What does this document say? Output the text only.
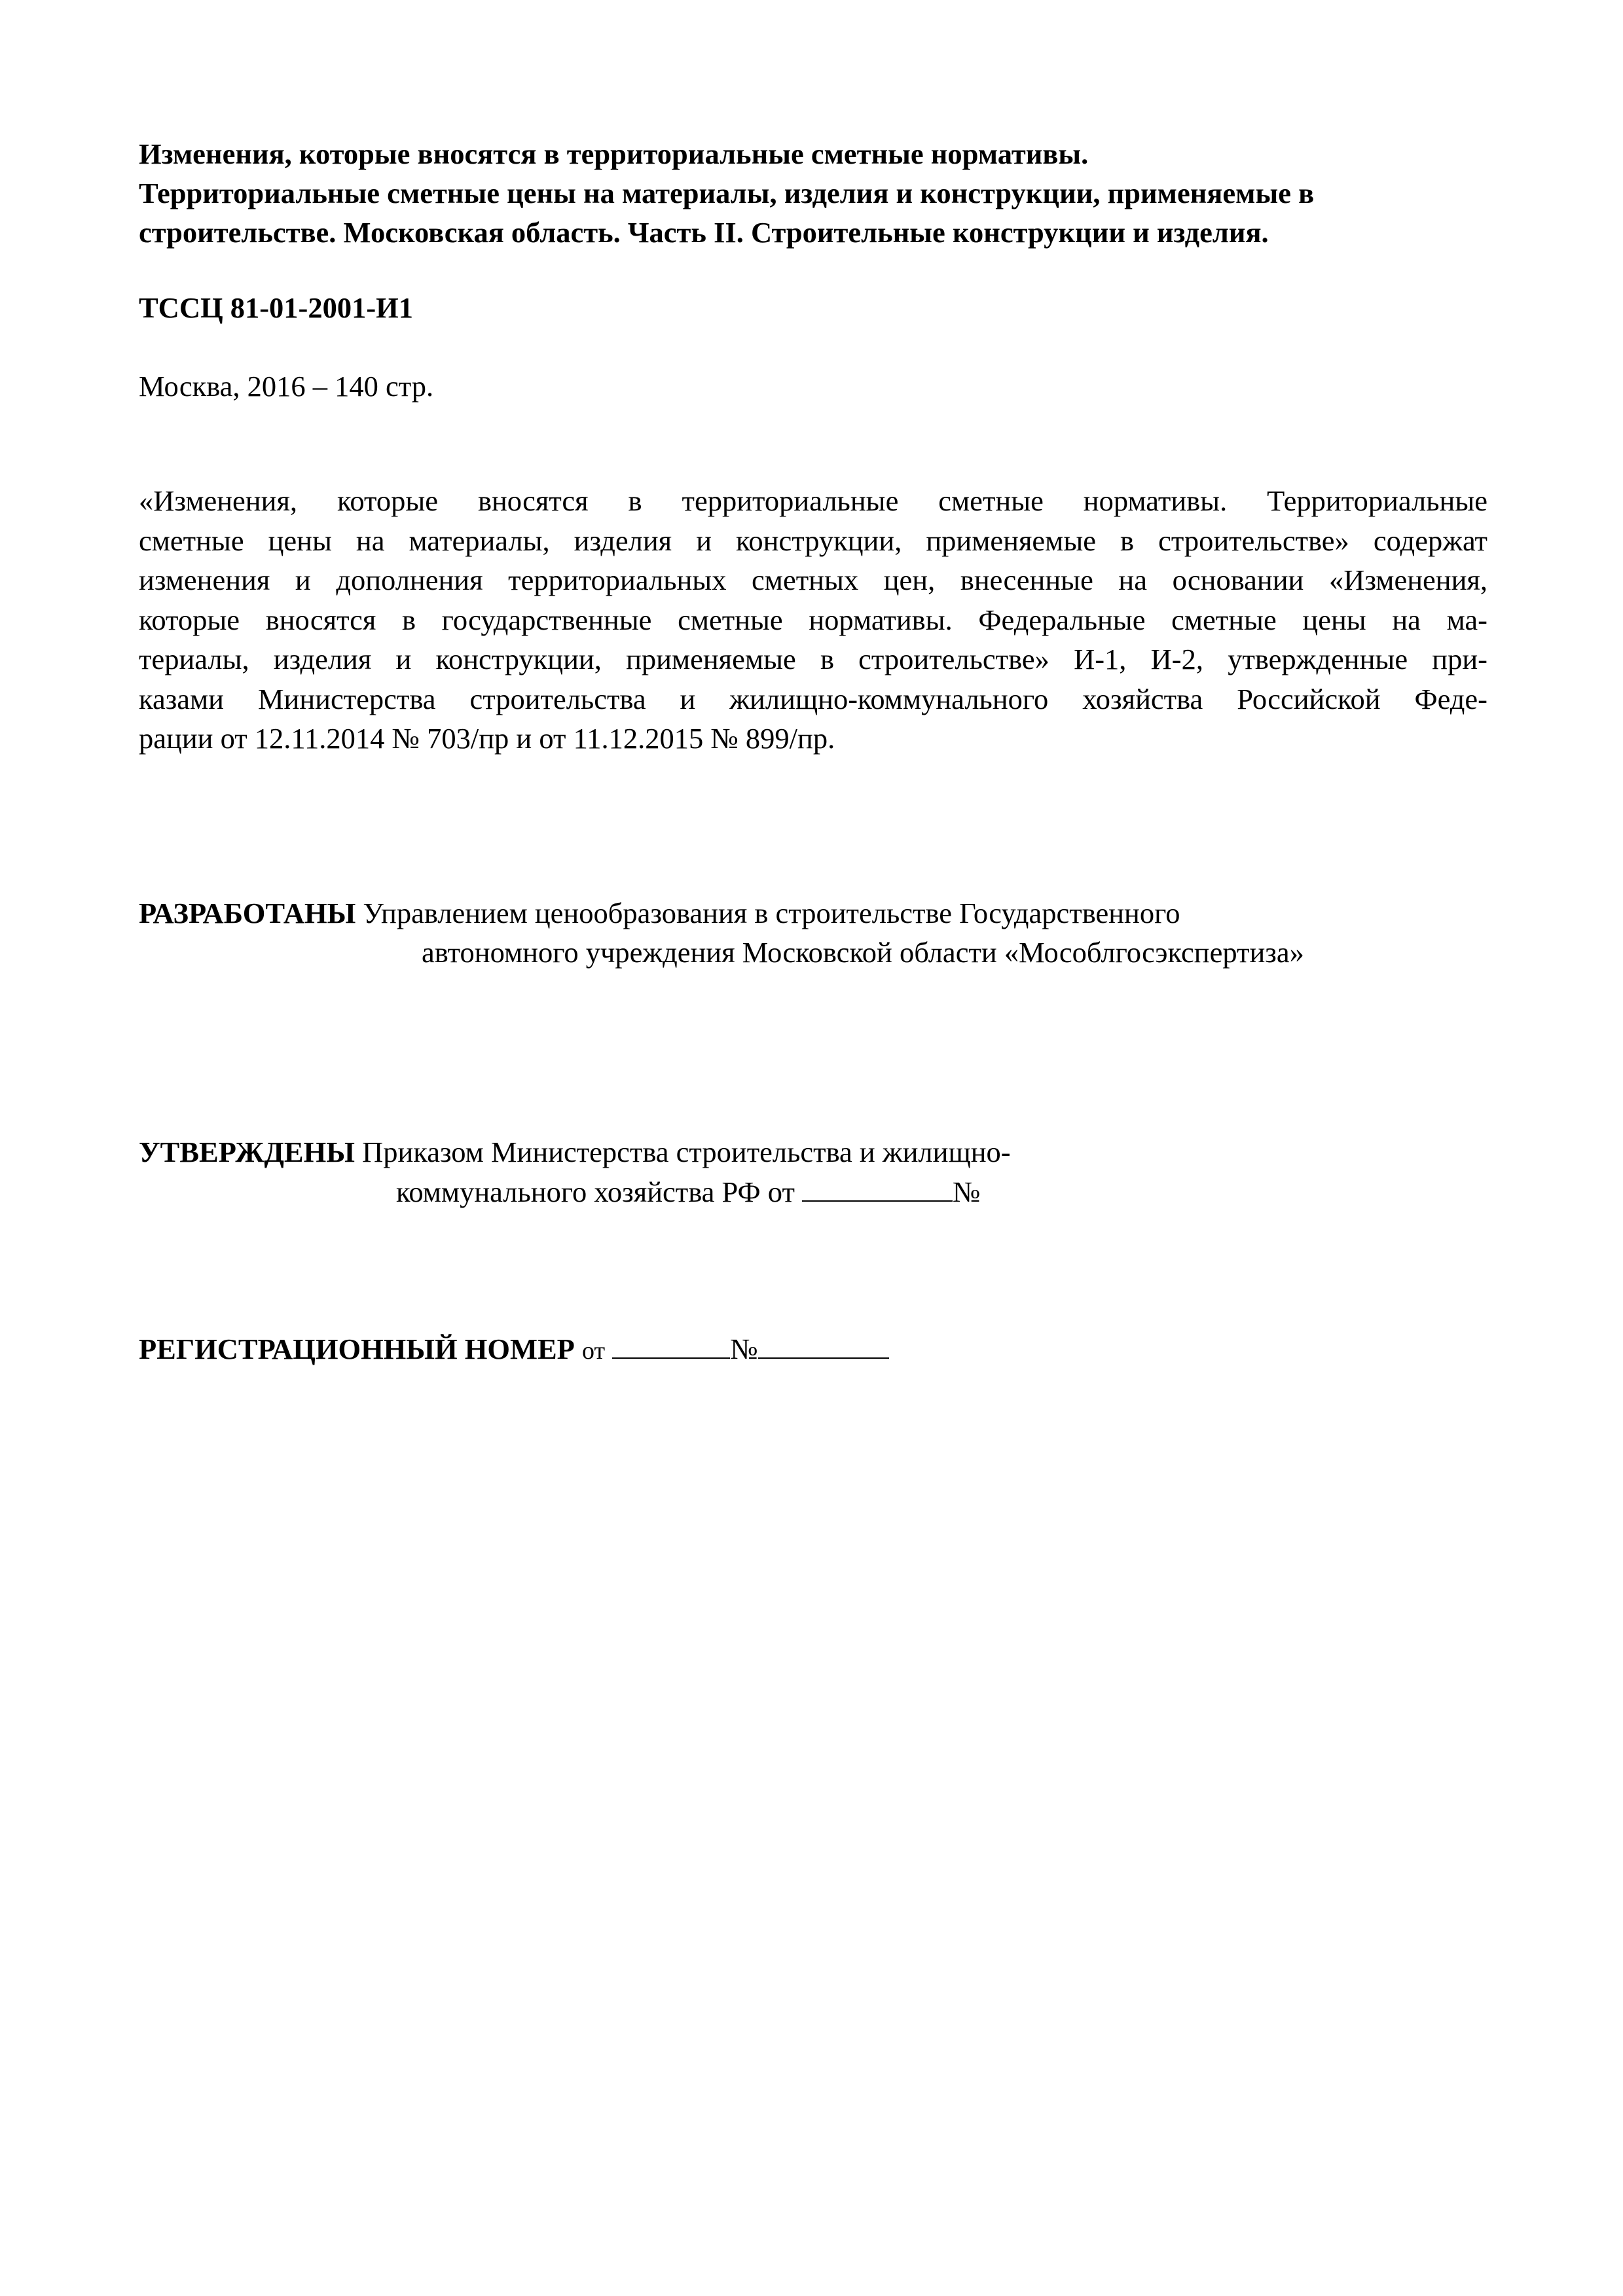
Изменения, которые вносятся в территориальные сметные нормативы.
Территориальные сметные цены на материалы, изделия и конструкции, применяемые в
строительстве. Московская область. Часть II. Строительные конструкции и изделия.
ТССЦ 81-01-2001-И1
Москва, 2016 – 140 стр.
«Изменения, которые вносятся в территориальные сметные нормативы. Территориальные
сметные цены на материалы, изделия и конструкции, применяемые в строительстве» содержат
изменения и дополнения территориальных сметных цен, внесенные на основании «Изменения,
которые вносятся в государственные сметные нормативы. Федеральные сметные цены на ма-
териалы, изделия и конструкции, применяемые в строительстве» И-1, И-2, утвержденные при-
казами Министерства строительства и жилищно-коммунального хозяйства Российской Феде-
рации от 12.11.2014 № 703/пр и от 11.12.2015 № 899/пр.
РАЗРАБОТАНЫ Управлением ценообразования в строительстве Государственного
автономного учреждения Московской области «Мособлгосэкспертиза»
УТВЕРЖДЕНЫ Приказом Министерства строительства и жилищно-
коммунального хозяйства РФ от	№
РЕГИСТРАЦИОННЫЙ НОМЕР от	№
